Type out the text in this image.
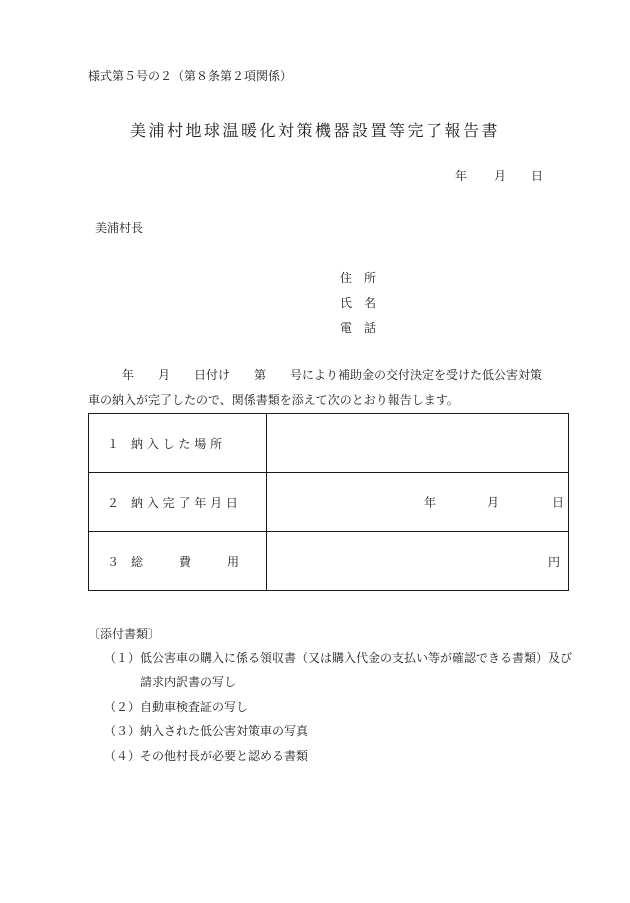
様式第５号の２（第８条第２項関係）
美浦村地球温暖化対策機器設置等完了報告書
年 月 日
美浦村長
住　所
氏　名
電　話
年　　月　　日付け　　第　　号により補助金の交付決定を受けた低公害対策
車の納入が完了したので、関係書類を添えて次のとおり報告します。
１　納 入 し た 場 所	
２　納 入 完 了 年 月 日	年 月 日

３　総　　　費　　　用	円
〔添付書類〕
（１） 低公害車の購入に係る領収書（又は購入代金の支払い等が確認できる書類）及び
請求内訳書の写し
（２） 自動車検査証の写し
（３） 納入された低公害対策車の写真
（４） その他村長が必要と認める書類
